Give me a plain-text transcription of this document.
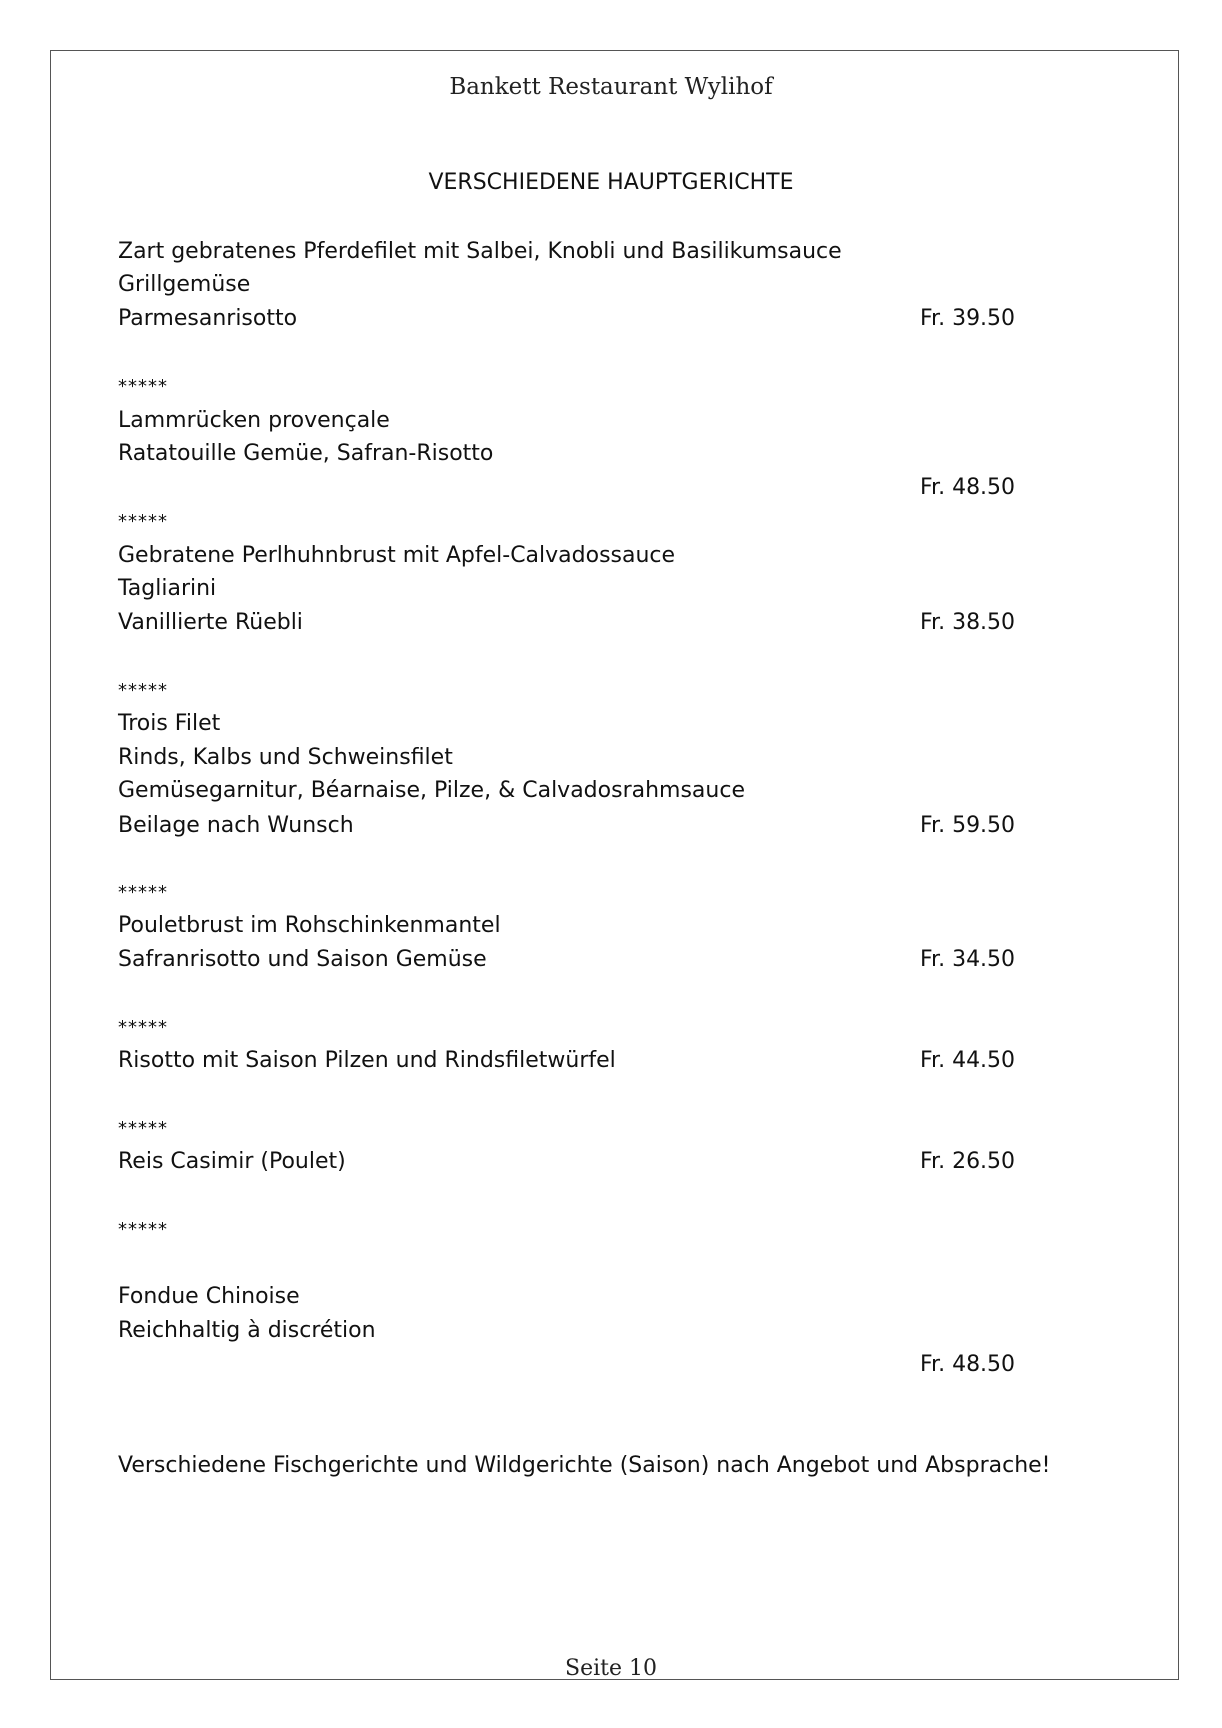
Bankett Restaurant Wylihof
VERSCHIEDENE HAUPTGERICHTE
Zart gebratenes Pferdefilet mit Salbei, Knobli und Basilikumsauce
Grillgemüse
Parmesanrisotto	Fr. 39.50
*****
Lammrücken provençale
Ratatouille Gemüe, Safran-Risotto
Fr. 48.50
*****
Gebratene Perlhuhnbrust mit Apfel-Calvadossauce
Tagliarini
Vanillierte Rüebli	Fr. 38.50
*****
Trois Filet
Rinds, Kalbs und Schweinsfilet
Gemüsegarnitur, Béarnaise, Pilze, & Calvadosrahmsauce
Beilage nach Wunsch	Fr. 59.50
*****
Pouletbrust im Rohschinkenmantel
Safranrisotto und Saison Gemüse	Fr. 34.50
*****
Risotto mit Saison Pilzen und Rindsfiletwürfel	Fr. 44.50
*****
Reis Casimir (Poulet)	Fr. 26.50
*****
Fondue Chinoise
Reichhaltig à discrétion
Fr. 48.50
Verschiedene Fischgerichte und Wildgerichte (Saison) nach Angebot und Absprache!
Seite 10
